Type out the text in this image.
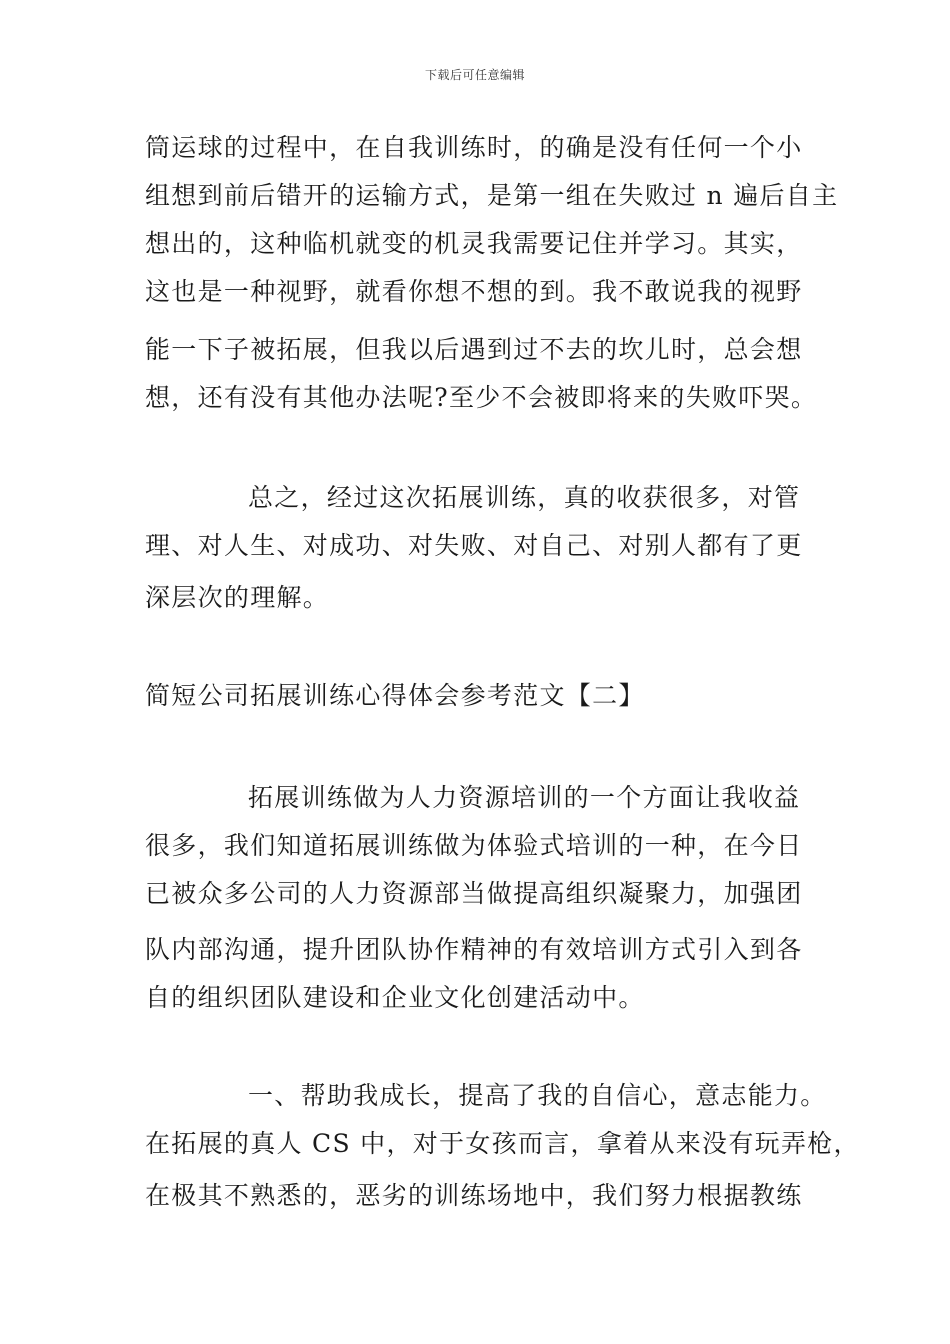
下载后可任意编辑
筒运球的过程中，在自我训练时，的确是没有任何一个小
组想到前后错开的运输方式，是第一组在失败过 n 遍后自主
想出的，这种临机就变的机灵我需要记住并学习。其实，
这也是一种视野，就看你想不想的到。我不敢说我的视野
能一下子被拓展，但我以后遇到过不去的坎儿时，总会想
想，还有没有其他办法呢?至少不会被即将来的失败吓哭。
总之，经过这次拓展训练，真的收获很多，对管
理、对人生、对成功、对失败、对自己、对别人都有了更
深层次的理解。
简短公司拓展训练心得体会参考范文【二】
拓展训练做为人力资源培训的一个方面让我收益
很多，我们知道拓展训练做为体验式培训的一种，在今日
已被众多公司的人力资源部当做提高组织凝聚力，加强团
队内部沟通，提升团队协作精神的有效培训方式引入到各
自的组织团队建设和企业文化创建活动中。
一、帮助我成长，提高了我的自信心，意志能力。
在拓展的真人 CS 中，对于女孩而言，拿着从来没有玩弄枪，
在极其不熟悉的，恶劣的训练场地中，我们努力根据教练
